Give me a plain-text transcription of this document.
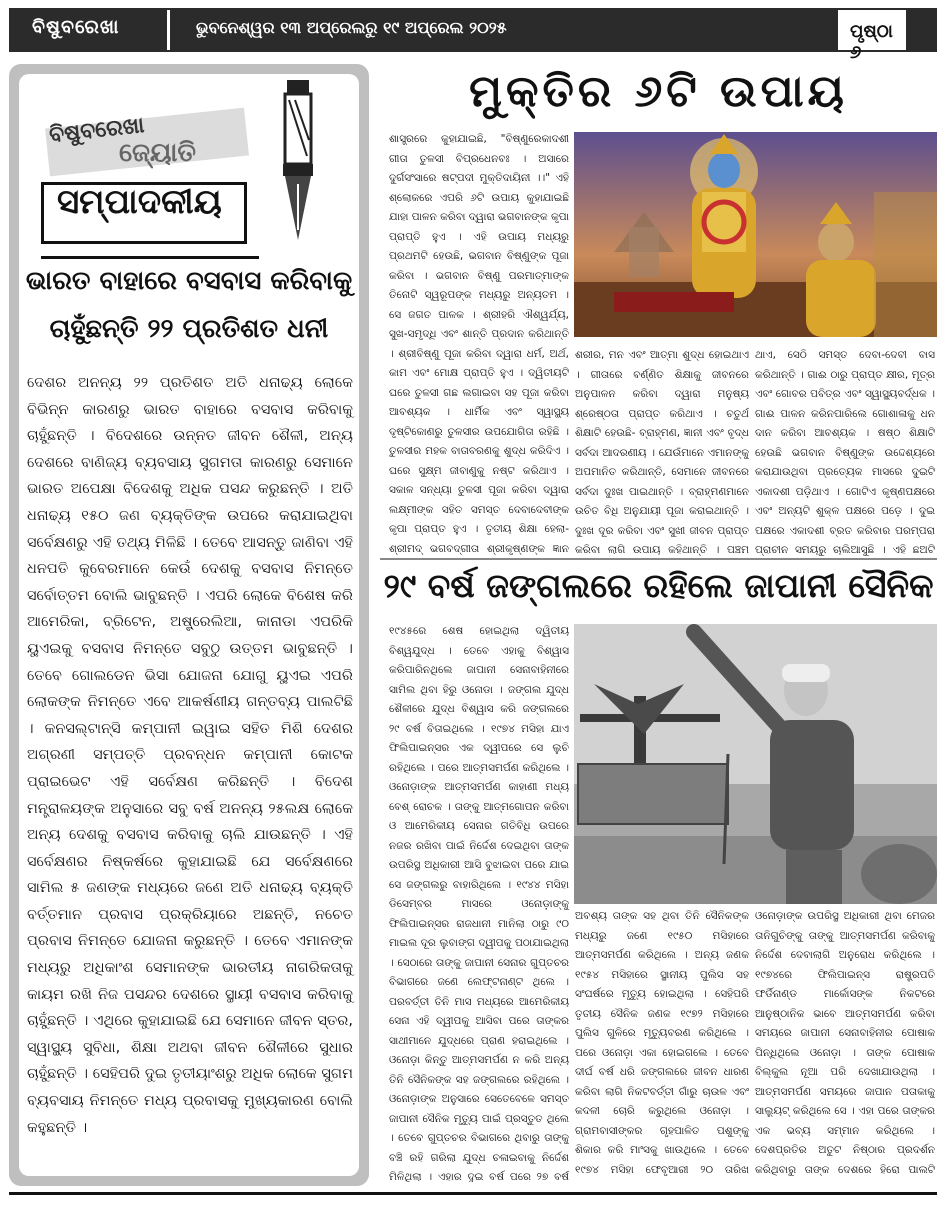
ବିଷୁବରେଖା	ଭୁବନେଶ୍ୱର ୧୩ ଅପ୍ରେଲରୁ ୧୯ ଅପ୍ରେଲ ୨୦୨୫	ପୃଷ୍ଠା ୬
ବିଷୁବରେଖା
ଜ୍ୟୋତି
ସମ୍ପାଦକୀୟ
ଭାରତ ବାହାରେ ବସବାସ କରିବାକୁ
ଚାହୁଁଛନ୍ତି ୨୨ ପ୍ରତିଶତ ଧନୀ

ଦେଶର ଅନନ୍ୟ ୨୨ ପ୍ରତିଶତ ଅତି ଧନାଢ୍ୟ ଲୋକେ ବିଭିନ୍ନ କାରଣରୁ ଭାରତ ବାହାରେ ବସବାସ କରିବାକୁ ଚାହୁଁଛନ୍ତି । ବିଦେଶରେ ଉନ୍ନତ ଜୀବନ ଶୈଳୀ, ଅନ୍ୟ ଦେଶରେ ବାଣିଜ୍ୟ ବ୍ୟବସାୟ ସୁଗମତା କାରଣରୁ ସେମାନେ ଭାରତ ଅପେକ୍ଷା ବିଦେଶକୁ ଅଧିକ ପସନ୍ଦ କରୁଛନ୍ତି । ଅତି ଧନାଢ୍ୟ ୧୫୦ ଜଣ ବ୍ୟକ୍ତିଙ୍କ ଉପରେ କରାଯାଇଥିବା ସର୍ବେକ୍ଷଣରୁ ଏହି ତଥ୍ୟ ମିଳିଛି । ତେବେ ଆସନ୍ତୁ ଜାଣିବା ଏହି ଧନପତି କୁବେରମାନେ କେଉଁ ଦେଶକୁ ବସବାସ ନିମନ୍ତେ ସର୍ବୋତ୍ତମ ବୋଲି ଭାବୁଛନ୍ତି । ଏପରି ଲୋକେ ବିଶେଷ କରି ଆମେରିକା, ବ୍ରିଟେନ, ଅଷ୍ଟ୍ରେଲିଆ, କାନାଡା ଏପରିକି ୟୁଏଇକୁ ବସବାସ ନିମନ୍ତେ ସବୁଠୁ ଉତ୍ତମ ଭାବୁଛନ୍ତି । ତେବେ ଗୋଲଡେନ ଭିସା ଯୋଜନା ଯୋଗୁ ୟୁଏଇ ଏପରି ଲୋକଙ୍କ ନିମନ୍ତେ ଏବେ ଆକର୍ଷଣୀୟ ଗନ୍ତବ୍ୟ ପାଲଟିଛି । କନସଲ୍ଟାନ୍ସି କମ୍ପାନୀ ଇୱାଇ ସହିତ ମିଶି ଦେଶର ଅଗ୍ରଣୀ ସମ୍ପତ୍ତି ପ୍ରବନ୍ଧନ କମ୍ପାନୀ କୋଟକ ପ୍ରାଇଭେଟ ଏହି ସର୍ବେକ୍ଷଣ କରିଛନ୍ତି । ବିଦେଶ ମନ୍ତ୍ରାଳୟଙ୍କ ଅନୁସାରେ ସବୁ ବର୍ଷ ଅନନ୍ୟ ୨୫ଲକ୍ଷ ଲୋକେ ଅନ୍ୟ ଦେଶକୁ ବସବାସ କରିବାକୁ ଚାଲି ଯାଉଛନ୍ତି । ଏହି ସର୍ବେକ୍ଷଣର ନିଷ୍କର୍ଷରେ କୁହାଯାଇଛି ଯେ ସର୍ବେକ୍ଷଣରେ ସାମିଲ ୫ ଜଣଙ୍କ ମଧ୍ୟରେ ଜଣେ ଅତି ଧନାଢ୍ୟ ବ୍ୟକ୍ତି ବର୍ତ୍ତମାନ ପ୍ରବାସ ପ୍ରକ୍ରିୟାରେ ଅଛନ୍ତି, ନଚେତ ପ୍ରବାସ ନିମନ୍ତେ ଯୋଜନା କରୁଛନ୍ତି । ତେବେ ଏମାନଙ୍କ ମଧ୍ୟରୁ ଅଧିକାଂଶ ସେମାନଙ୍କ ଭାରତୀୟ ନାଗରିକତାକୁ କାୟମ ରଖି ନିଜ ପସନ୍ଦର ଦେଶରେ ସ୍ଥାୟୀ ବସବାସ କରିବାକୁ ଚାହୁଁଛନ୍ତି । ଏଥିରେ କୁହାଯାଇଛି ଯେ ସେମାନେ ଜୀବନ ସ୍ତର, ସ୍ୱାସ୍ଥ୍ୟ ସୁବିଧା, ଶିକ୍ଷା ଅଥବା ଜୀବନ ଶୈଳୀରେ ସୁଧାର ଚାହୁଁଛନ୍ତି । ସେହିପରି ଦୁଇ ତୃତୀୟାଂଶରୁ ଅଧିକ ଲୋକେ ସୁଗମ ବ୍ୟବସାୟ ନିମନ୍ତେ ମଧ୍ୟ ପ୍ରବାସକୁ ମୁଖ୍ୟକାରଣ ବୋଲି କହୁଛନ୍ତି ।

ମୁକ୍ତିର ୬ଟି ଉପାୟ

ଶାସ୍ତ୍ରରେ କୁହାଯାଇଛି, "ବିଷ୍ଣୁରେକାଦଶୀ ଗୀତା ତୁଳସୀ ବିପ୍ରଧେନବଃ । ଅସାରେ ଦୁର୍ଗସଂସାରେ ଷଟ୍‌ପଦୀ ମୁକ୍ତିଦାୟିନୀ ।।" ଏହି ଶ୍ଲୋକରେ ଏପରି ୬ଟି ଉପାୟ କୁହାଯାଇଛି ଯାହା ପାଳନ କରିବା ଦ୍ୱାରା ଭଗବାନଙ୍କ କୃପା ପ୍ରାପ୍ତି ହୁଏ । ଏହି ଉପାୟ ମଧ୍ୟରୁ ପ୍ରଥମଟି ହେଉଛି, ଭଗବାନ ବିଷ୍ଣୁଙ୍କ ପୂଜା କରିବା । ଭଗବାନ ବିଷ୍ଣୁ ପରମାତ୍ମାଙ୍କ ତିନୋଟି ସ୍ୱରୂପଙ୍କ ମଧ୍ୟରୁ ଅନ୍ୟତମ । ସେ ଜଗତ ପାଳକ । ଶ୍ରୀହରି ଐଶ୍ୱର୍ଯ୍ୟ, ସୁଖ-ସମୃଦ୍ଧି ଏବଂ ଶାନ୍ତି ପ୍ରଦାନ କରିଥାନ୍ତି । ଶ୍ରୀବିଷ୍ଣୁ ପୂଜା କରିବା ଦ୍ୱାରା ଧର୍ମ, ଅର୍ଥ, କାମ ଏବଂ ମୋକ୍ଷ ପ୍ରାପ୍ତି ହୁଏ । ଦ୍ୱିତୀୟଟି ଘରେ ତୁଳସୀ ଗଛ ଲଗାଇବା ସହ ପୂଜା କରିବା ଆବଶ୍ୟକ । ଧାର୍ମିକ ଏବଂ ସ୍ୱାସ୍ଥ୍ୟ ଦୃଷ୍ଟିକୋଣରୁ ତୁଳସୀର ଉପଯୋଗିତା ରହିଛି । ତୁଳସୀର ମହକ ବାତାବରଣକୁ ଶୁଦ୍ଧ କରିଦିଏ । ଘରେ ସୁକ୍ଷ୍ମ ଜୀବାଣୁକୁ ନଷ୍ଟ କରିଥାଏ । ସକାଳ ସନ୍ଧ୍ୟା ତୁଳସୀ ପୂଜା କରିବା ଦ୍ୱାରା ଲକ୍ଷ୍ମୀଙ୍କ ସହିତ ସମସ୍ତ ଦେବାଦେବୀଙ୍କ କୃପା ପ୍ରାପ୍ତ ହୁଏ । ତୃତୀୟ ଶିକ୍ଷା ହେଲା- ଶ୍ରୀମଦ୍ ଭଗବଦ୍‌ଗୀତା ଶ୍ରୀକୃଷ୍ଣଙ୍କ ଜ୍ଞାନ

ଶରୀର, ମନ ଏବଂ ଆତ୍ମା ଶୁଦ୍ଧ ହୋଇଥାଏ । ଗୀତାରେ ବର୍ଣ୍ଣିତ ଶିକ୍ଷାକୁ ଜୀବନରେ ଅନୁପାଳନ କରିବା ଦ୍ୱାରା ମନୁଷ୍ୟ ଶ୍ରେଷ୍ଠତା ପ୍ରାପ୍ତ କରିଥାଏ । ଚତୁର୍ଥ ଶିକ୍ଷାଟି ହେଉଛି- ବ୍ରାହ୍ମଣ, ଜ୍ଞାନୀ ଏବଂ ବୃଦ୍ଧ ସର୍ବଦା ଆଦରଣୀୟ । ଯେଉଁମାନେ ଏମାନଙ୍କୁ ଅପମାନିତ କରିଥାନ୍ତି, ସେମାନେ ଜୀବନରେ ସର୍ବଦା ଦୁଃଖ ପାଇଥାନ୍ତି । ବ୍ରାହ୍ମଣମାନେ ଉଚିତ ବିଧି ଅନୁଯାୟୀ ପୂଜା କରାଇଥାନ୍ତି । ଦୁଃଖ ଦୂର କରିବା ଏବଂ ସୁଖୀ ଜୀବନ ପ୍ରାପ୍ତ କରିବା ଲାଗି ଉପାୟ କହିଥାନ୍ତି । ପଞ୍ଚମ

ଥାଏ, ସେଠି ସମସ୍ତ ଦେବା-ଦେବୀ ବାସ କରିଥାନ୍ତି । ଗାଈ ଠାରୁ ପ୍ରାପ୍ତ କ୍ଷୀର, ମୂତ୍ର ଏବଂ ଗୋବର ପବିତ୍ର ଏବଂ ସ୍ୱାସ୍ଥ୍ୟବର୍ଦ୍ଧକ । ଗାଈ ପାଳନ କରିନପାରିଲେ ଗୋଶାଳାକୁ ଧନ ଦାନ କରିବା ଆବଶ୍ୟକ । ଷଷ୍ଠ ଶିକ୍ଷାଟି ହେଉଛି ଭଗବାନ ବିଷ୍ଣୁଙ୍କ ଉଦ୍ଦେଶ୍ୟରେ କରାଯାଉଥିବା ପ୍ରତ୍ୟେକ ମାସରେ ଦୁଇଟି ଏକାଦଶୀ ପଡ଼ିଥାଏ । ଗୋଟିଏ କୃଷ୍ଣପକ୍ଷରେ ଏବଂ ଅନ୍ୟଟି ଶୁକ୍ଳ ପକ୍ଷରେ ପଡ଼େ । ଦୁଇ ପକ୍ଷରେ ଏକାଦଶୀ ବ୍ରତ କରିବାର ପରମ୍ପରା ପ୍ରାଚୀନ ସମୟରୁ ଚାଲିଆସୁଛି । ଏହି ଛଅଟି

୨୯ ବର୍ଷ ଜଙ୍ଗଲରେ ରହିଲେ ଜାପାନୀ ସୈନିକ

୧୯୪୫ରେ ଶେଷ ହୋଇଥିଲା ଦ୍ୱିତୀୟ ବିଶ୍ୱଯୁଦ୍ଧ । ତେବେ ଏହାକୁ ବିଶ୍ୱାସ କରିପାରିନଥିଲେ ଜାପାନୀ ସେନାବାହିନୀରେ ସାମିଲ ଥିବା ହିରୁ ଓନୋଡା । ଜଙ୍ଗଲ ଯୁଦ୍ଧ ଶୈଳୀରେ ଯୁଦ୍ଧ ବିଶ୍ୱାସ କରି ଜଙ୍ଗଲରେ ୨୯ ବର୍ଷ ବିତାଇଥିଲେ । ୧୯୭୪ ମସିହା ଯାଏ ଫିଲିପାଇନ୍‌ସର ଏକ ଦ୍ୱୀପରେ ସେ ଲୁଚି ରହିଥିଲେ । ପରେ ଆତ୍ମସମର୍ପଣ କରିଥିଲେ । ଓନୋଡ଼ାଙ୍କ ଆତ୍ମସମର୍ପଣ କାହାଣୀ ମଧ୍ୟ ବେଶ୍ ରୋଚକ । ତାଙ୍କୁ ଆତ୍ମଗୋପନ କରିବା ଓ ଆମେରିକୀୟ ସେନାର ଗତିବିଧି ଉପରେ ନଜର ରଖିବା ପାଇଁ ନିର୍ଦ୍ଦେଶ ଦେଇଥିବା ତାଙ୍କ ଉପରିସ୍ଥ ଅଧିକାରୀ ଆସି ବୁଝାଇବା ପରେ ଯାଇ ସେ ଜଙ୍ଗଲରୁ ବାହାରିଥିଲେ । ୧୯୪୪ ମସିହା ଡିସେମ୍ବର ମାସରେ ଓନୋଡ଼ାଙ୍କୁ ଫିଲିପାଇନ୍‌ସର ରାଜଧାନୀ ମାନିଲା ଠାରୁ ୯୦ ମାଇଲ ଦୂର ଲୁବାଙ୍ଗ ଦ୍ୱୀପକୁ ପଠାଯାଇଥିଲା । ସେଠାରେ ତାଙ୍କୁ ଜାପାନୀ ସେନାର ଗୁପ୍ତଚର ବିଭାଗରେ ଜଣେ ଲେଫ୍‌ଟନାଣ୍ଟ ଥିଲେ । ପରବର୍ତ୍ତୀ ତିନି ମାସ ମଧ୍ୟରେ ଆମେରିକୀୟ ସେନା ଏହି ଦ୍ୱୀପକୁ ଆସିବା ପରେ ତାଙ୍କର ସାଥୀମାନେ ଯୁଦ୍ଧରେ ପ୍ରାଣ ହରାଇଥିଲେ । ଓନୋଡ଼ା କିନ୍ତୁ ଆତ୍ମସମର୍ପଣ ନ କରି ଅନ୍ୟ ତିନି ସୈନିକଙ୍କ ସହ ଜଙ୍ଗଲରେ ରହିଥିଲେ । ଓନୋଡ଼ାଙ୍କ ଅନୁସାରେ ସେତେବେଳେ ସମସ୍ତ ଜାପାନୀ ସୈନିକ ମୃତ୍ୟୁ ପାଇଁ ପ୍ରସ୍ତୁତ ଥିଲେ । ତେବେ ଗୁପ୍ତଚର ବିଭାଗରେ ଥିବାରୁ ତାଙ୍କୁ ବଞ୍ଚି ରହି ଗରିଲା ଯୁଦ୍ଧ ଚଳାଇବାକୁ ନିର୍ଦ୍ଦେଶ ମିଳିଥିଲା । ଏହାର ଦୁଇ ବର୍ଷ ପରେ ୨୭ ବର୍ଷ

ଅବଶ୍ୟ ତାଙ୍କ ସହ ଥିବା ତିନି ସୈନିକଙ୍କ ମଧ୍ୟରୁ ଜଣେ ୧୯୫୦ ମସିହାରେ ଆତ୍ମସମର୍ପଣ କରିଥିଲେ । ଅନ୍ୟ ଜଣକ ୧୯୫୪ ମସିହାରେ ସ୍ଥାନୀୟ ପୁଲିସ ସହ ସଂଘର୍ଷରେ ମୃତ୍ୟୁ ହୋଇଥିଲା । ସେହିପରି ତୃତୀୟ ସୈନିକ ଜଣକ ୧୯୭୨ ମସିହାରେ ପୁଲିସ ଗୁଳିରେ ମୃତ୍ୟୁବରଣ କରିଥିଲେ । ପରେ ଓନୋଡ଼ା ଏକା ହୋଇଗଲେ । ତେବେ ଦୀର୍ଘ ବର୍ଷ ଧରି ଜଙ୍ଗଲରେ ଜୀବନ ଧାରଣ କରିବା ଲାଗି ନିକଟବର୍ତ୍ତୀ ଗାଁରୁ ଚାଉଳ ଏବଂ କଦଳୀ ଚୋରି କରୁଥିଲେ ଓନୋଡ଼ା । ଗ୍ରାମବାସୀଙ୍କର ଗୃହପାଳିତ ପଶୁଙ୍କୁ ଶିକାର କରି ମାଂସକୁ ଖାଉଥିଲେ । ତେବେ ୧୯୭୪ ମସିହା ଫେବୃଆରୀ ୨୦ ତାରିଖ

ଓନୋଡ଼ାଙ୍କ ଉପରିସ୍ଥ ଅଧିକାରୀ ଥିବା ମେଜର ତାନିଗୁଚିଙ୍କୁ ତାଙ୍କୁ ଆତ୍ମସମର୍ପଣ କରିବାକୁ ନିର୍ଦ୍ଦେଶ ଦେବାଲାଗି ଅନୁରୋଧ କରିଥିଲେ । ୧୯୭୪ରେ ଫିଲିପାଇନ୍‌ସ ରାଷ୍ଟ୍ରପତି ଫର୍ଡିନାଣ୍ଡ ମାର୍କୋସଙ୍କ ନିକଟରେ ଆନୁଷ୍ଠାନିକ ଭାବେ ଆତ୍ମସମର୍ପଣ କରିବା ସମୟରେ ଜାପାନୀ ସେନାବାହିନୀର ପୋଷାକ ପିନ୍ଧିଥିଲେ ଓନୋଡ଼ା । ତାଙ୍କ ପୋଷାକ ବିଲ୍କୁଲ ନୂଆ ପରି ଦେଖାଯାଉଥିଲା । ଆତ୍ମସମର୍ପଣ ସମୟରେ ଜାପାନ ପତାକାକୁ ସାଲ୍ୟୁଟ୍ କରିଥିଲେ ସେ । ଏହା ପରେ ତାଙ୍କର ଏକ ଭବ୍ୟ ସମ୍ମାନ କରିଥିଲେ । ଦେଶପ୍ରତିର ଅତୁଟ ନିଷ୍ଠାର ପ୍ରଦର୍ଶନ କରିଥିବାରୁ ତାଙ୍କ ଦେଶରେ ହିରୋ ପାଲଟି
